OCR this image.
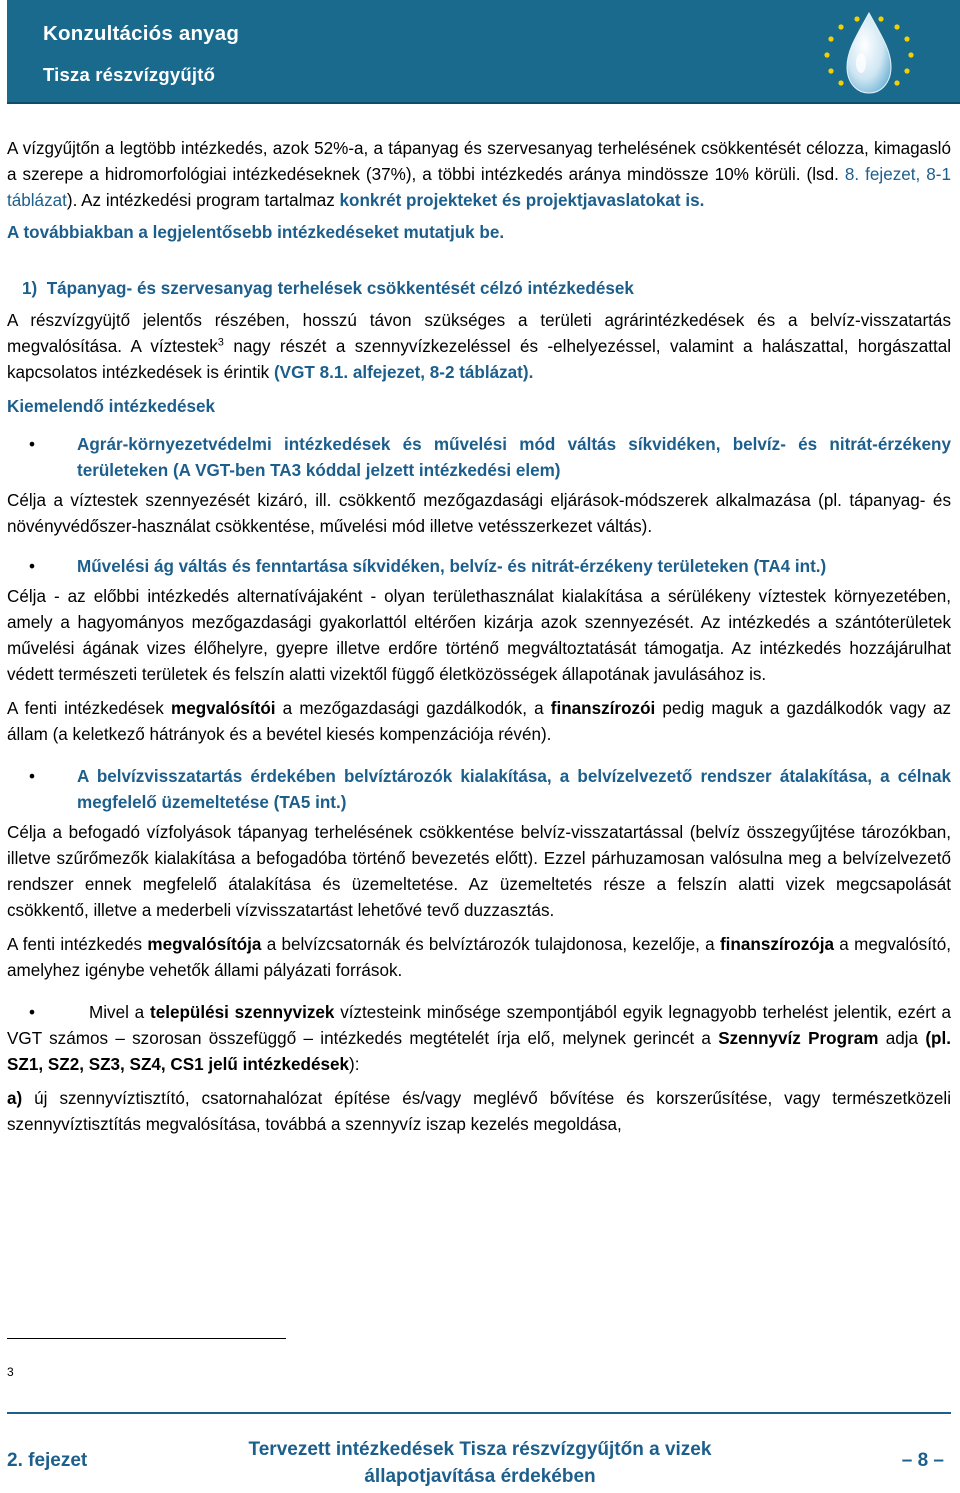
Konzultációs anyag
Tisza részvízgyűjtő
A vízgyűjtőn a legtöbb intézkedés, azok 52%-a, a tápanyag és szervesanyag terhelésének csökkentését célozza, kimagasló a szerepe a hidromorfológiai intézkedéseknek (37%), a többi intézkedés aránya mindössze 10% körüli. (lsd. 8. fejezet, 8-1 táblázat). Az intézkedési program tartalmaz konkrét projekteket és projektjavaslatokat is.
A továbbiakban a legjelentősebb intézkedéseket mutatjuk be.
1) Tápanyag- és szervesanyag terhelések csökkentését célzó intézkedések
A részvízgyüjtő jelentős részében, hosszú távon szükséges a területi agrárintézkedések és a belvíz-visszatartás megvalósítása. A víztestek$^3$ nagy részét a szennyvízkezeléssel és -elhelyezéssel, valamint a halászattal, horgászattal kapcsolatos intézkedések is érintik (VGT 8.1. alfejezet, 8-2 táblázat).
Kiemelendő intézkedések
• Agrár-környezetvédelmi intézkedések és művelési mód váltás síkvidéken, belvíz- és nitrát-érzékeny területeken (A VGT-ben TA3 kóddal jelzett intézkedési elem)
Célja a víztestek szennyezését kizáró, ill. csökkentő mezőgazdasági eljárások-módszerek alkalmazása (pl. tápanyag- és növényvédőszer-használat csökkentése, művelési mód illetve vetésszerkezet váltás).
• Művelési ág váltás és fenntartása síkvidéken, belvíz- és nitrát-érzékeny területeken (TA4 int.)
Célja - az előbbi intézkedés alternatívájaként - olyan területhasználat kialakítása a sérülékeny víztestek környezetében, amely a hagyományos mezőgazdasági gyakorlattól eltérően kizárja azok szennyezését. Az intézkedés a szántóterületek művelési ágának vizes élőhelyre, gyepre illetve erdőre történő megváltoztatását támogatja. Az intézkedés hozzájárulhat védett természeti területek és felszín alatti vizektől függő életközösségek állapotának javulásához is.
A fenti intézkedések megvalósítói a mezőgazdasági gazdálkodók, a finanszírozói pedig maguk a gazdálkodók vagy az állam (a keletkező hátrányok és a bevétel kiesés kompenzációja révén).
• A belvízvisszatartás érdekében belvíztározók kialakítása, a belvízelvezető rendszer átalakítása, a célnak megfelelő üzemeltetése (TA5 int.)
Célja a befogadó vízfolyások tápanyag terhelésének csökkentése belvíz-visszatartással (belvíz összegyűjtése tározókban, illetve szűrőmezők kialakítása a befogadóba történő bevezetés előtt). Ezzel párhuzamosan valósulna meg a belvízelvezető rendszer ennek megfelelő átalakítása és üzemeltetése. Az üzemeltetés része a felszín alatti vizek megcsapolását csökkentő, illetve a mederbeli vízvisszatartást lehetővé tevő duzzasztás.
A fenti intézkedés megvalósítója a belvízcsatornák és belvíztározók tulajdonosa, kezelője, a finanszírozója a megvalósító, amelyhez igénybe vehetők állami pályázati források.
•	Mivel a települési szennyvizek víztesteink minőségе szempontjából egyik legnagyobb terhelést jelentik, ezért a VGT számos – szorosan összefüggő – intézkedés megtételét írja elő, melynek gerincét a Szennyvíz Program adja (pl. SZ1, SZ2, SZ3, SZ4, CS1 jelű intézkedések):
a) új szennyvíztisztító, csatornahalózat építése és/vagy meglévő bővítése és korszerűsítése, vagy természetközeli szennyvíztisztítás megvalósítása, továbbá a szennyvíz iszap kezelés megoldása,
3
2. fejezet
Tervezett intézkedések Tisza részvízgyűjtőn a vizek
állapotjavítása érdekében
– 8 –
